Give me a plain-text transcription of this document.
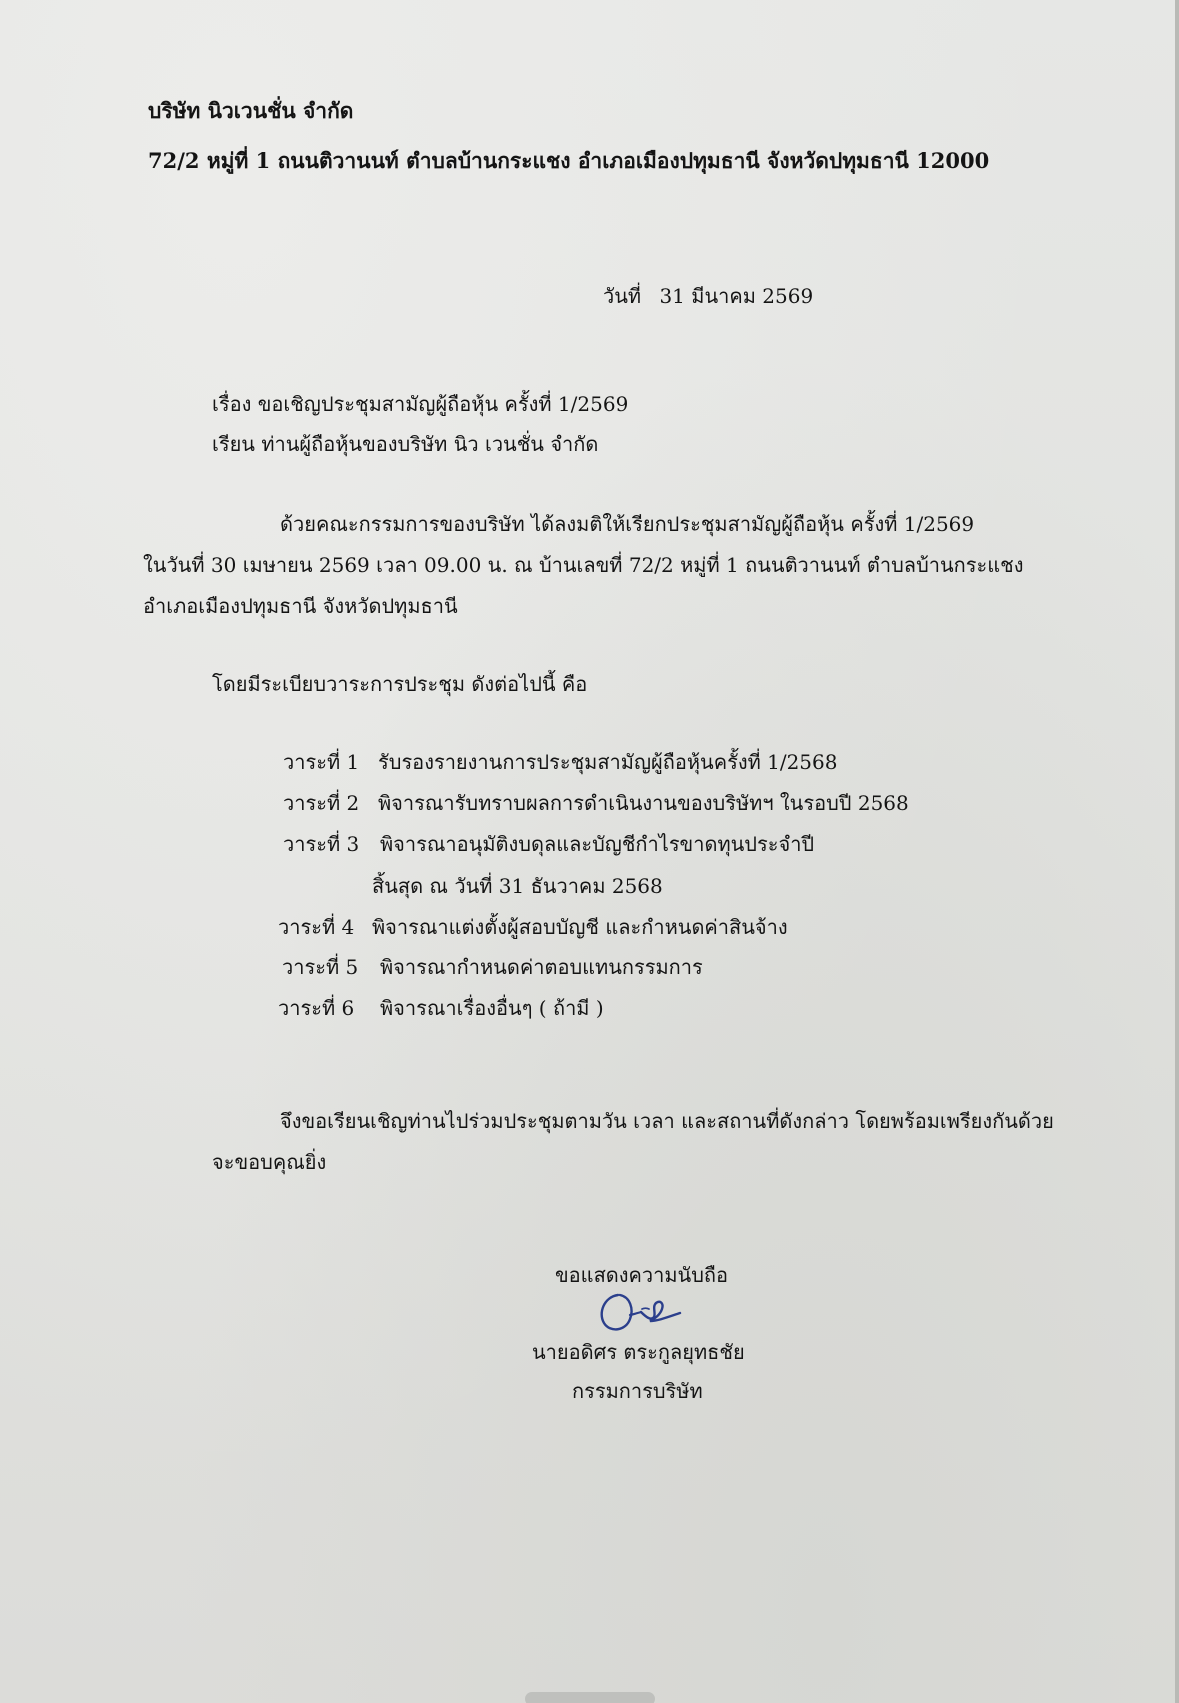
บริษัท นิวเวนชั่น จำกัด
72/2 หมู่ที่ 1 ถนนติวานนท์ ตำบลบ้านกระแชง อำเภอเมืองปทุมธานี จังหวัดปทุมธานี 12000
วันที่ 31 มีนาคม 2569
เรื่อง ขอเชิญประชุมสามัญผู้ถือหุ้น ครั้งที่ 1/2569
เรียน ท่านผู้ถือหุ้นของบริษัท นิว เวนชั่น จำกัด
ด้วยคณะกรรมการของบริษัท ได้ลงมติให้เรียกประชุมสามัญผู้ถือหุ้น ครั้งที่ 1/2569
ในวันที่ 30 เมษายน 2569 เวลา 09.00 น. ณ บ้านเลขที่ 72/2 หมู่ที่ 1 ถนนติวานนท์ ตำบลบ้านกระแชง
อำเภอเมืองปทุมธานี จังหวัดปทุมธานี
โดยมีระเบียบวาระการประชุม ดังต่อไปนี้ คือ
วาระที่ 1 รับรองรายงานการประชุมสามัญผู้ถือหุ้นครั้งที่ 1/2568
วาระที่ 2 พิจารณารับทราบผลการดำเนินงานของบริษัทฯ ในรอบปี 2568
วาระที่ 3 พิจารณาอนุมัติงบดุลและบัญชีกำไรขาดทุนประจำปี
สิ้นสุด ณ วันที่ 31 ธันวาคม 2568
วาระที่ 4 พิจารณาแต่งตั้งผู้สอบบัญชี และกำหนดค่าสินจ้าง
วาระที่ 5 พิจารณากำหนดค่าตอบแทนกรรมการ
วาระที่ 6 พิจารณาเรื่องอื่นๆ ( ถ้ามี )
จึงขอเรียนเชิญท่านไปร่วมประชุมตามวัน เวลา และสถานที่ดังกล่าว โดยพร้อมเพรียงกันด้วย
จะขอบคุณยิ่ง
ขอแสดงความนับถือ
นายอดิศร ตระกูลยุทธชัย
กรรมการบริษัท
